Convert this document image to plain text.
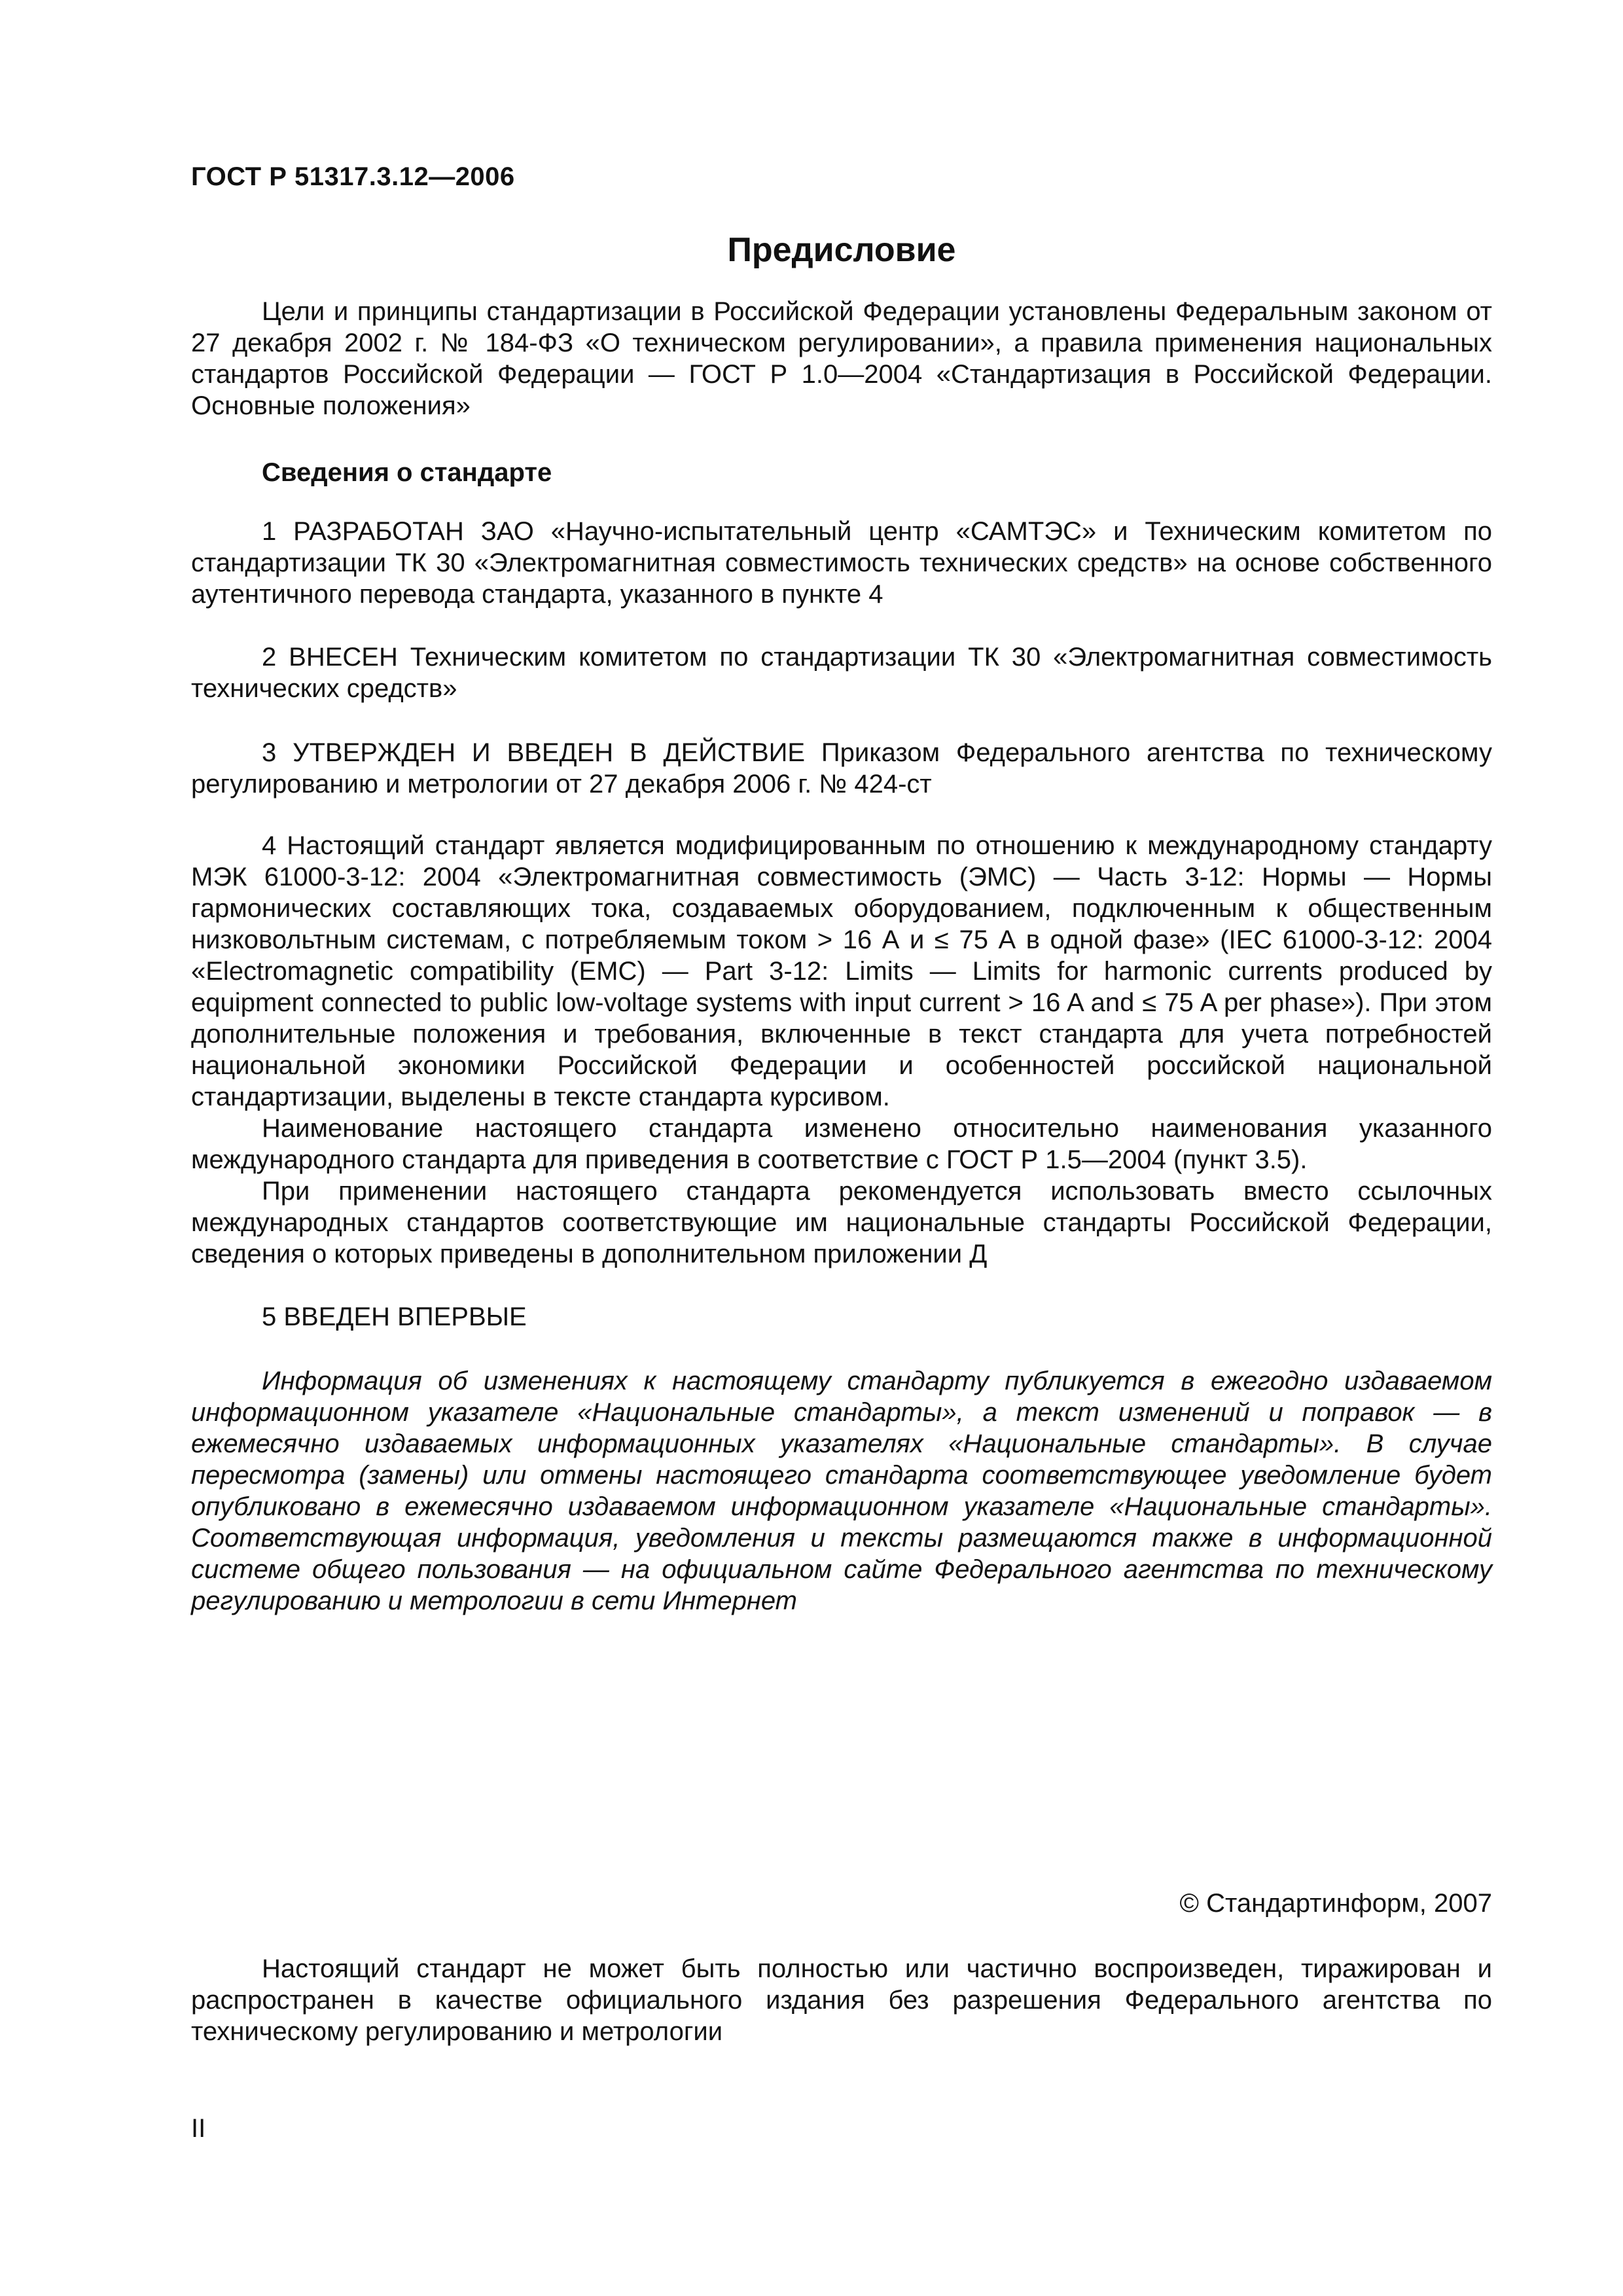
ГОСТ Р 51317.3.12—2006
Предисловие

Цели и принципы стандартизации в Российской Федерации установлены Федеральным законом от 27 декабря 2002 г. № 184-ФЗ «О техническом регулировании», а правила применения национальных стандартов Российской Федерации — ГОСТ Р 1.0—2004 «Стандартизация в Российской Федерации. Основные положения»

Сведения о стандарте

1 РАЗРАБОТАН ЗАО «Научно-испытательный центр «САМТЭС» и Техническим комитетом по стандартизации ТК 30 «Электромагнитная совместимость технических средств» на основе собственного аутентичного перевода стандарта, указанного в пункте 4

2 ВНЕСЕН Техническим комитетом по стандартизации ТК 30 «Электромагнитная совместимость технических средств»

3 УТВЕРЖДЕН И ВВЕДЕН В ДЕЙСТВИЕ Приказом Федерального агентства по техническому регулированию и метрологии от 27 декабря 2006 г. № 424-ст

4 Настоящий стандарт является модифицированным по отношению к международному стандарту МЭК 61000-3-12: 2004 «Электромагнитная совместимость (ЭМС) — Часть 3-12: Нормы — Нормы гармонических составляющих тока, создаваемых оборудованием, подключенным к общественным низковольтным системам, с потребляемым током > 16 А и ≤ 75 А в одной фазе» (IEC 61000-3-12: 2004 «Electromagnetic compatibility (EMC) — Part 3-12: Limits — Limits for harmonic currents produced by equipment connected to public low-voltage systems with input current > 16 A and ≤ 75 A per phase»). При этом дополнительные положения и требования, включенные в текст стандарта для учета потребностей национальной экономики Российской Федерации и особенностей российской национальной стандартизации, выделены в тексте стандарта курсивом.

Наименование настоящего стандарта изменено относительно наименования указанного международного стандарта для приведения в соответствие с ГОСТ Р 1.5—2004 (пункт 3.5).

При применении настоящего стандарта рекомендуется использовать вместо ссылочных международных стандартов соответствующие им национальные стандарты Российской Федерации, сведения о которых приведены в дополнительном приложении Д

5 ВВЕДЕН ВПЕРВЫЕ

Информация об изменениях к настоящему стандарту публикуется в ежегодно издаваемом информационном указателе «Национальные стандарты», а текст изменений и поправок — в ежемесячно издаваемых информационных указателях «Национальные стандарты». В случае пересмотра (замены) или отмены настоящего стандарта соответствующее уведомление будет опубликовано в ежемесячно издаваемом информационном указателе «Национальные стандарты». Соответствующая информация, уведомления и тексты размещаются также в информационной системе общего пользования — на официальном сайте Федерального агентства по техническому регулированию и метрологии в сети Интернет

© Стандартинформ, 2007

Настоящий стандарт не может быть полностью или частично воспроизведен, тиражирован и распространен в качестве официального издания без разрешения Федерального агентства по техническому регулированию и метрологии

II
